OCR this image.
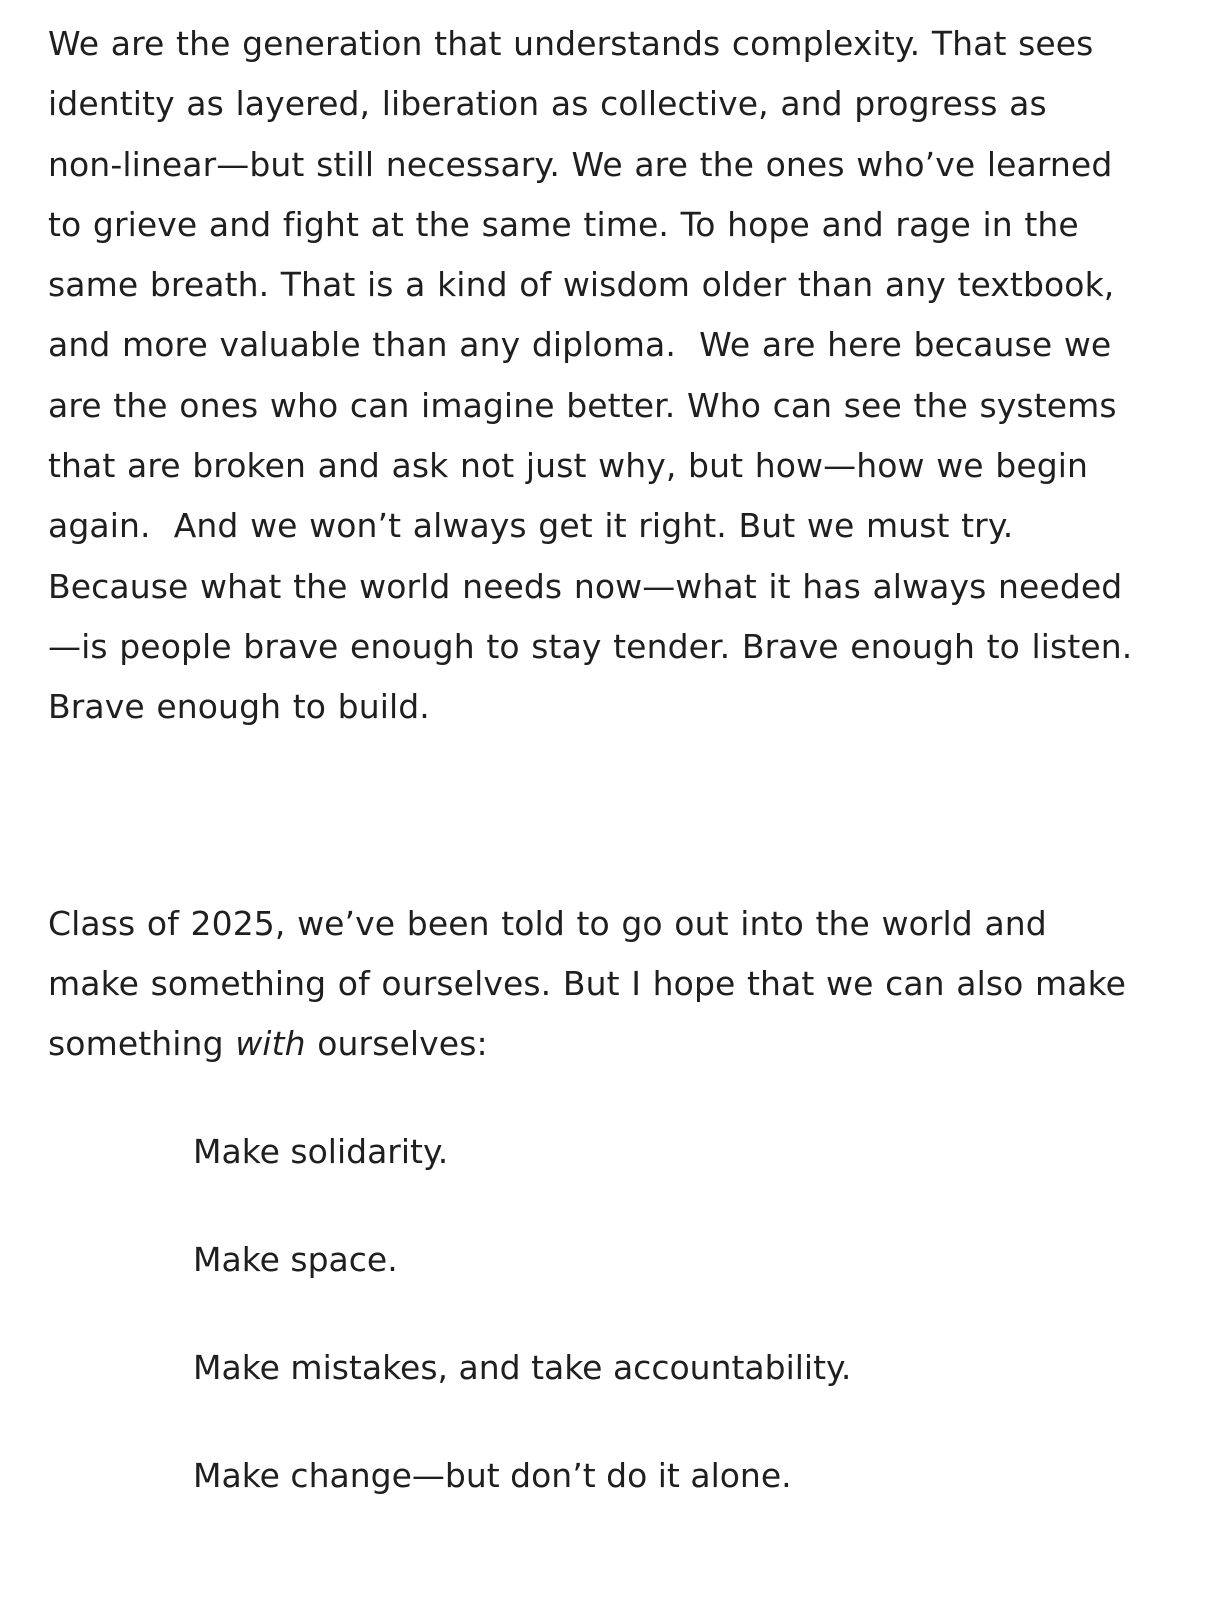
We are the generation that understands complexity. That sees
identity as layered, liberation as collective, and progress as
non-linear—but still necessary. We are the ones who’ve learned
to grieve and fight at the same time. To hope and rage in the
same breath. That is a kind of wisdom older than any textbook,
and more valuable than any diploma.  We are here because we
are the ones who can imagine better. Who can see the systems
that are broken and ask not just why, but how—how we begin
again.  And we won’t always get it right. But we must try.
Because what the world needs now—what it has always needed
—is people brave enough to stay tender. Brave enough to listen.
Brave enough to build.

Class of 2025, we’ve been told to go out into the world and
make something of ourselves. But I hope that we can also make
something with ourselves:

Make solidarity.
Make space.
Make mistakes, and take accountability.
Make change—but don’t do it alone.
